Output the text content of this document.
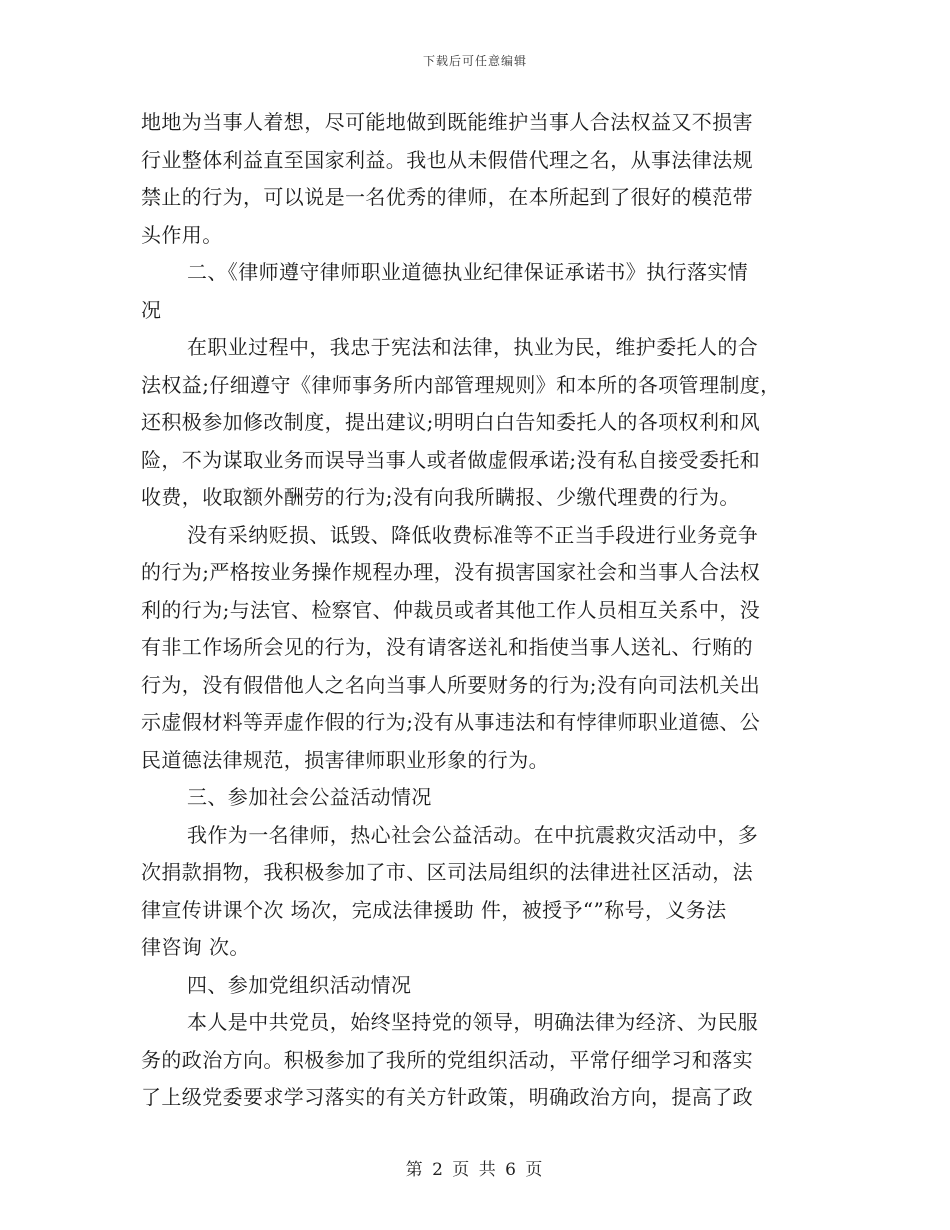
下载后可任意编辑
地地为当事人着想，尽可能地做到既能维护当事人合法权益又不损害
行业整体利益直至国家利益。我也从未假借代理之名，从事法律法规
禁止的行为，可以说是一名优秀的律师，在本所起到了很好的模范带
头作用。
二、《律师遵守律师职业道德执业纪律保证承诺书》执行落实情
况
在职业过程中，我忠于宪法和法律，执业为民，维护委托人的合
法权益;仔细遵守《律师事务所内部管理规则》和本所的各项管理制度，
还积极参加修改制度，提出建议;明明白白告知委托人的各项权利和风
险，不为谋取业务而误导当事人或者做虚假承诺;没有私自接受委托和
收费，收取额外酬劳的行为;没有向我所瞒报、少缴代理费的行为。
没有采纳贬损、诋毁、降低收费标准等不正当手段进行业务竞争
的行为;严格按业务操作规程办理，没有损害国家社会和当事人合法权
利的行为;与法官、检察官、仲裁员或者其他工作人员相互关系中，没
有非工作场所会见的行为，没有请客送礼和指使当事人送礼、行贿的
行为，没有假借他人之名向当事人所要财务的行为;没有向司法机关出
示虚假材料等弄虚作假的行为;没有从事违法和有悖律师职业道德、公
民道德法律规范，损害律师职业形象的行为。
三、参加社会公益活动情况
我作为一名律师，热心社会公益活动。在中抗震救灾活动中，多
次捐款捐物，我积极参加了市、区司法局组织的法律进社区活动，法
律宣传讲课个次 场次，完成法律援助 件，被授予“”称号，义务法
律咨询 次。
四、参加党组织活动情况
本人是中共党员，始终坚持党的领导，明确法律为经济、为民服
务的政治方向。积极参加了我所的党组织活动，平常仔细学习和落实
了上级党委要求学习落实的有关方针政策，明确政治方向，提高了政
第 2 页 共 6 页
